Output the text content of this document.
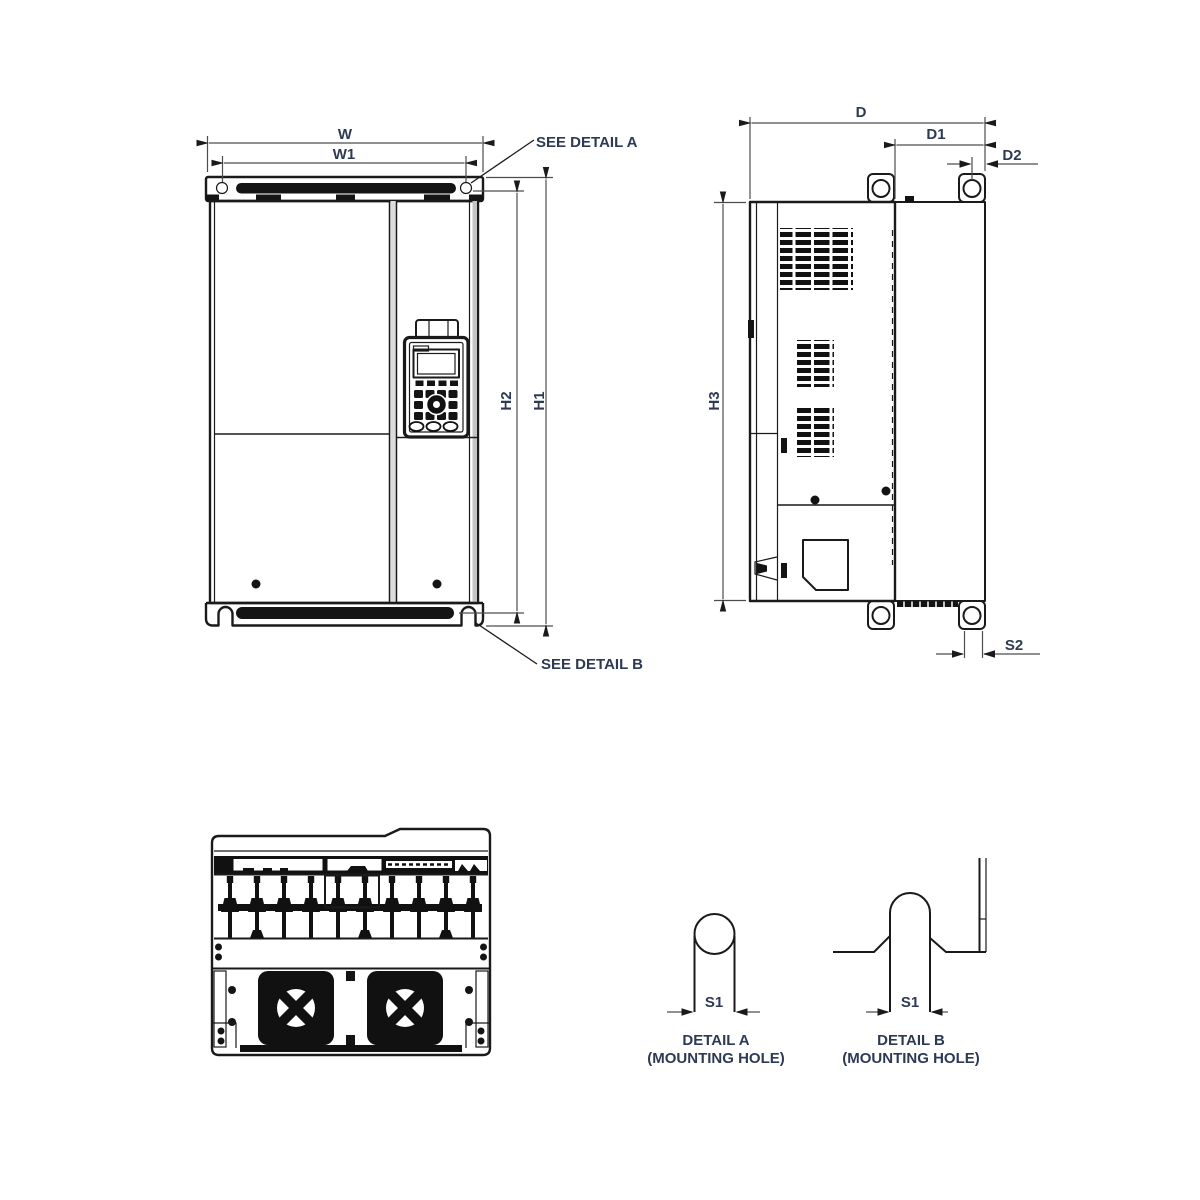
W
W1
H2 H1
SEE DETAIL A
SEE DETAIL B
D
D1
D2
H3
S2
S1
DETAIL A
(MOUNTING HOLE)
S1
DETAIL B
(MOUNTING HOLE)
